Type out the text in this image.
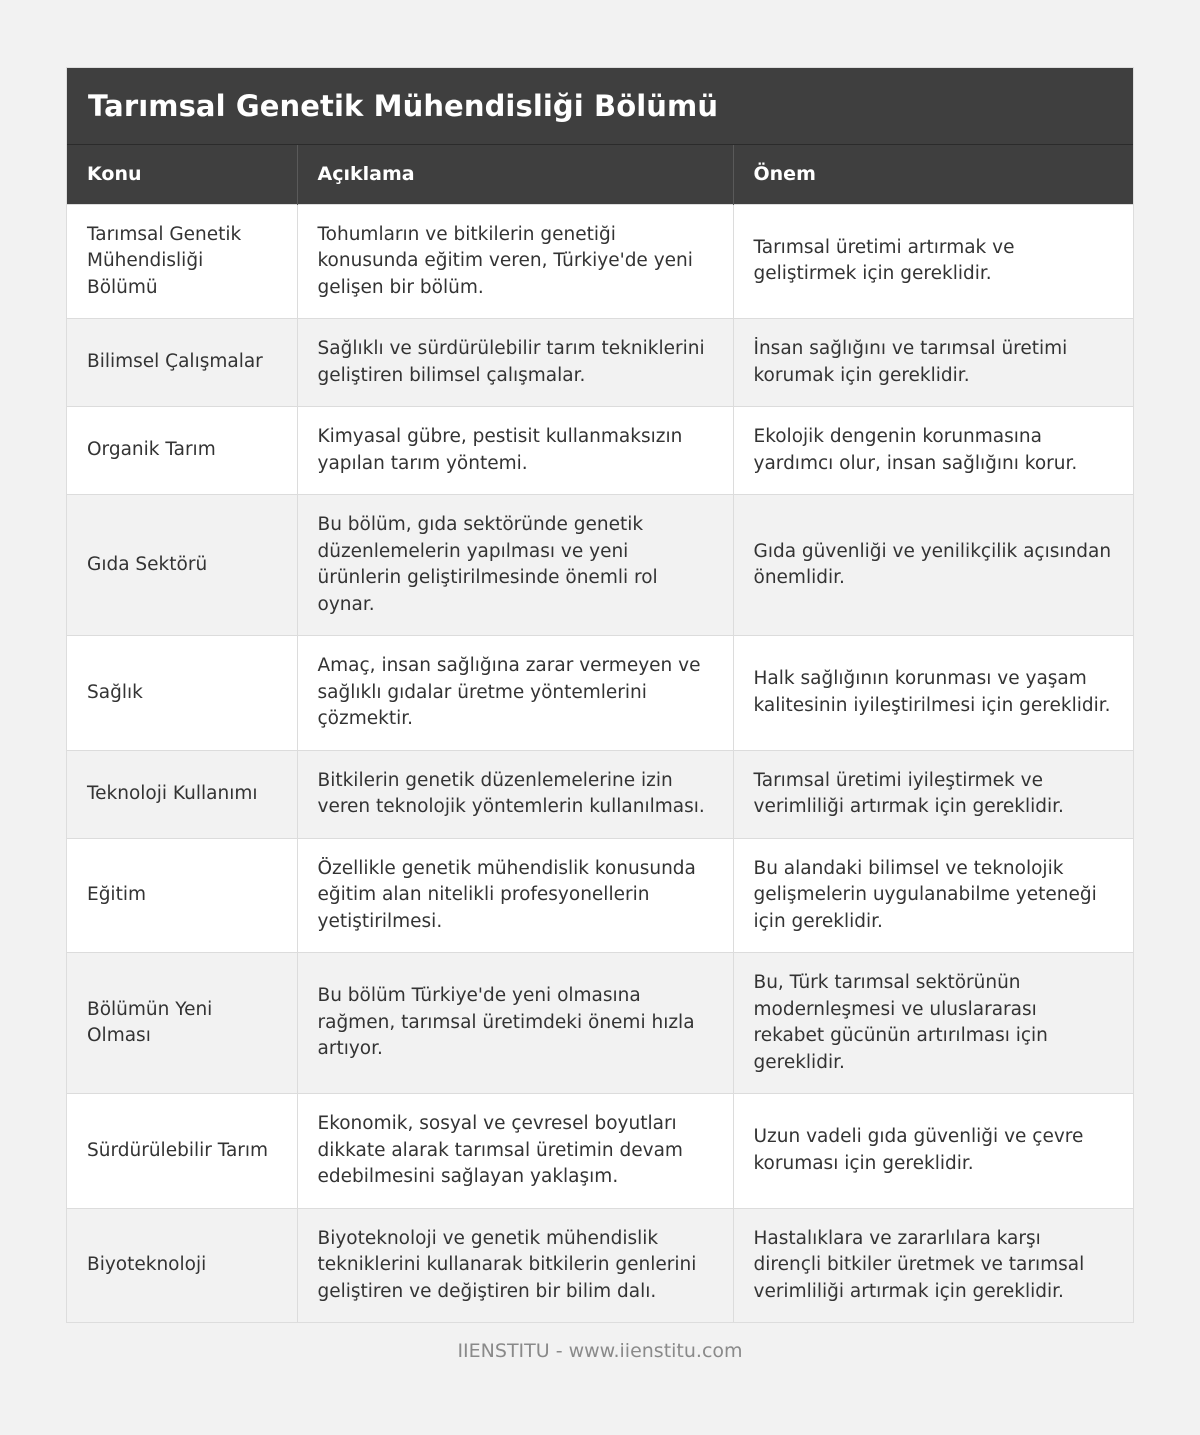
Tarımsal Genetik Mühendisliği Bölümü
Konu	Açıklama	Önem
Tarımsal Genetik Mühendisliği Bölümü	Tohumların ve bitkilerin genetiği konusunda eğitim veren, Türkiye'de yeni gelişen bir bölüm.	Tarımsal üretimi artırmak ve geliştirmek için gereklidir.
Bilimsel Çalışmalar	Sağlıklı ve sürdürülebilir tarım tekniklerini geliştiren bilimsel çalışmalar.	İnsan sağlığını ve tarımsal üretimi korumak için gereklidir.
Organik Tarım	Kimyasal gübre, pestisit kullanmaksızın yapılan tarım yöntemi.	Ekolojik dengenin korunmasına yardımcı olur, insan sağlığını korur.
Gıda Sektörü	Bu bölüm, gıda sektöründe genetik düzenlemelerin yapılması ve yeni ürünlerin geliştirilmesinde önemli rol oynar.	Gıda güvenliği ve yenilikçilik açısından önemlidir.
Sağlık	Amaç, insan sağlığına zarar vermeyen ve sağlıklı gıdalar üretme yöntemlerini çözmektir.	Halk sağlığının korunması ve yaşam kalitesinin iyileştirilmesi için gereklidir.
Teknoloji Kullanımı	Bitkilerin genetik düzenlemelerine izin veren teknolojik yöntemlerin kullanılması.	Tarımsal üretimi iyileştirmek ve verimliliği artırmak için gereklidir.
Eğitim	Özellikle genetik mühendislik konusunda eğitim alan nitelikli profesyonellerin yetiştirilmesi.	Bu alandaki bilimsel ve teknolojik gelişmelerin uygulanabilme yeteneği için gereklidir.
Bölümün Yeni Olması	Bu bölüm Türkiye'de yeni olmasına rağmen, tarımsal üretimdeki önemi hızla artıyor.	Bu, Türk tarımsal sektörünün modernleşmesi ve uluslararası rekabet gücünün artırılması için gereklidir.
Sürdürülebilir Tarım	Ekonomik, sosyal ve çevresel boyutları dikkate alarak tarımsal üretimin devam edebilmesini sağlayan yaklaşım.	Uzun vadeli gıda güvenliği ve çevre koruması için gereklidir.
Biyoteknoloji	Biyoteknoloji ve genetik mühendislik tekniklerini kullanarak bitkilerin genlerini geliştiren ve değiştiren bir bilim dalı.	Hastalıklara ve zararlılara karşı dirençli bitkiler üretmek ve tarımsal verimliliği artırmak için gereklidir.
IIENSTITU - www.iienstitu.com
